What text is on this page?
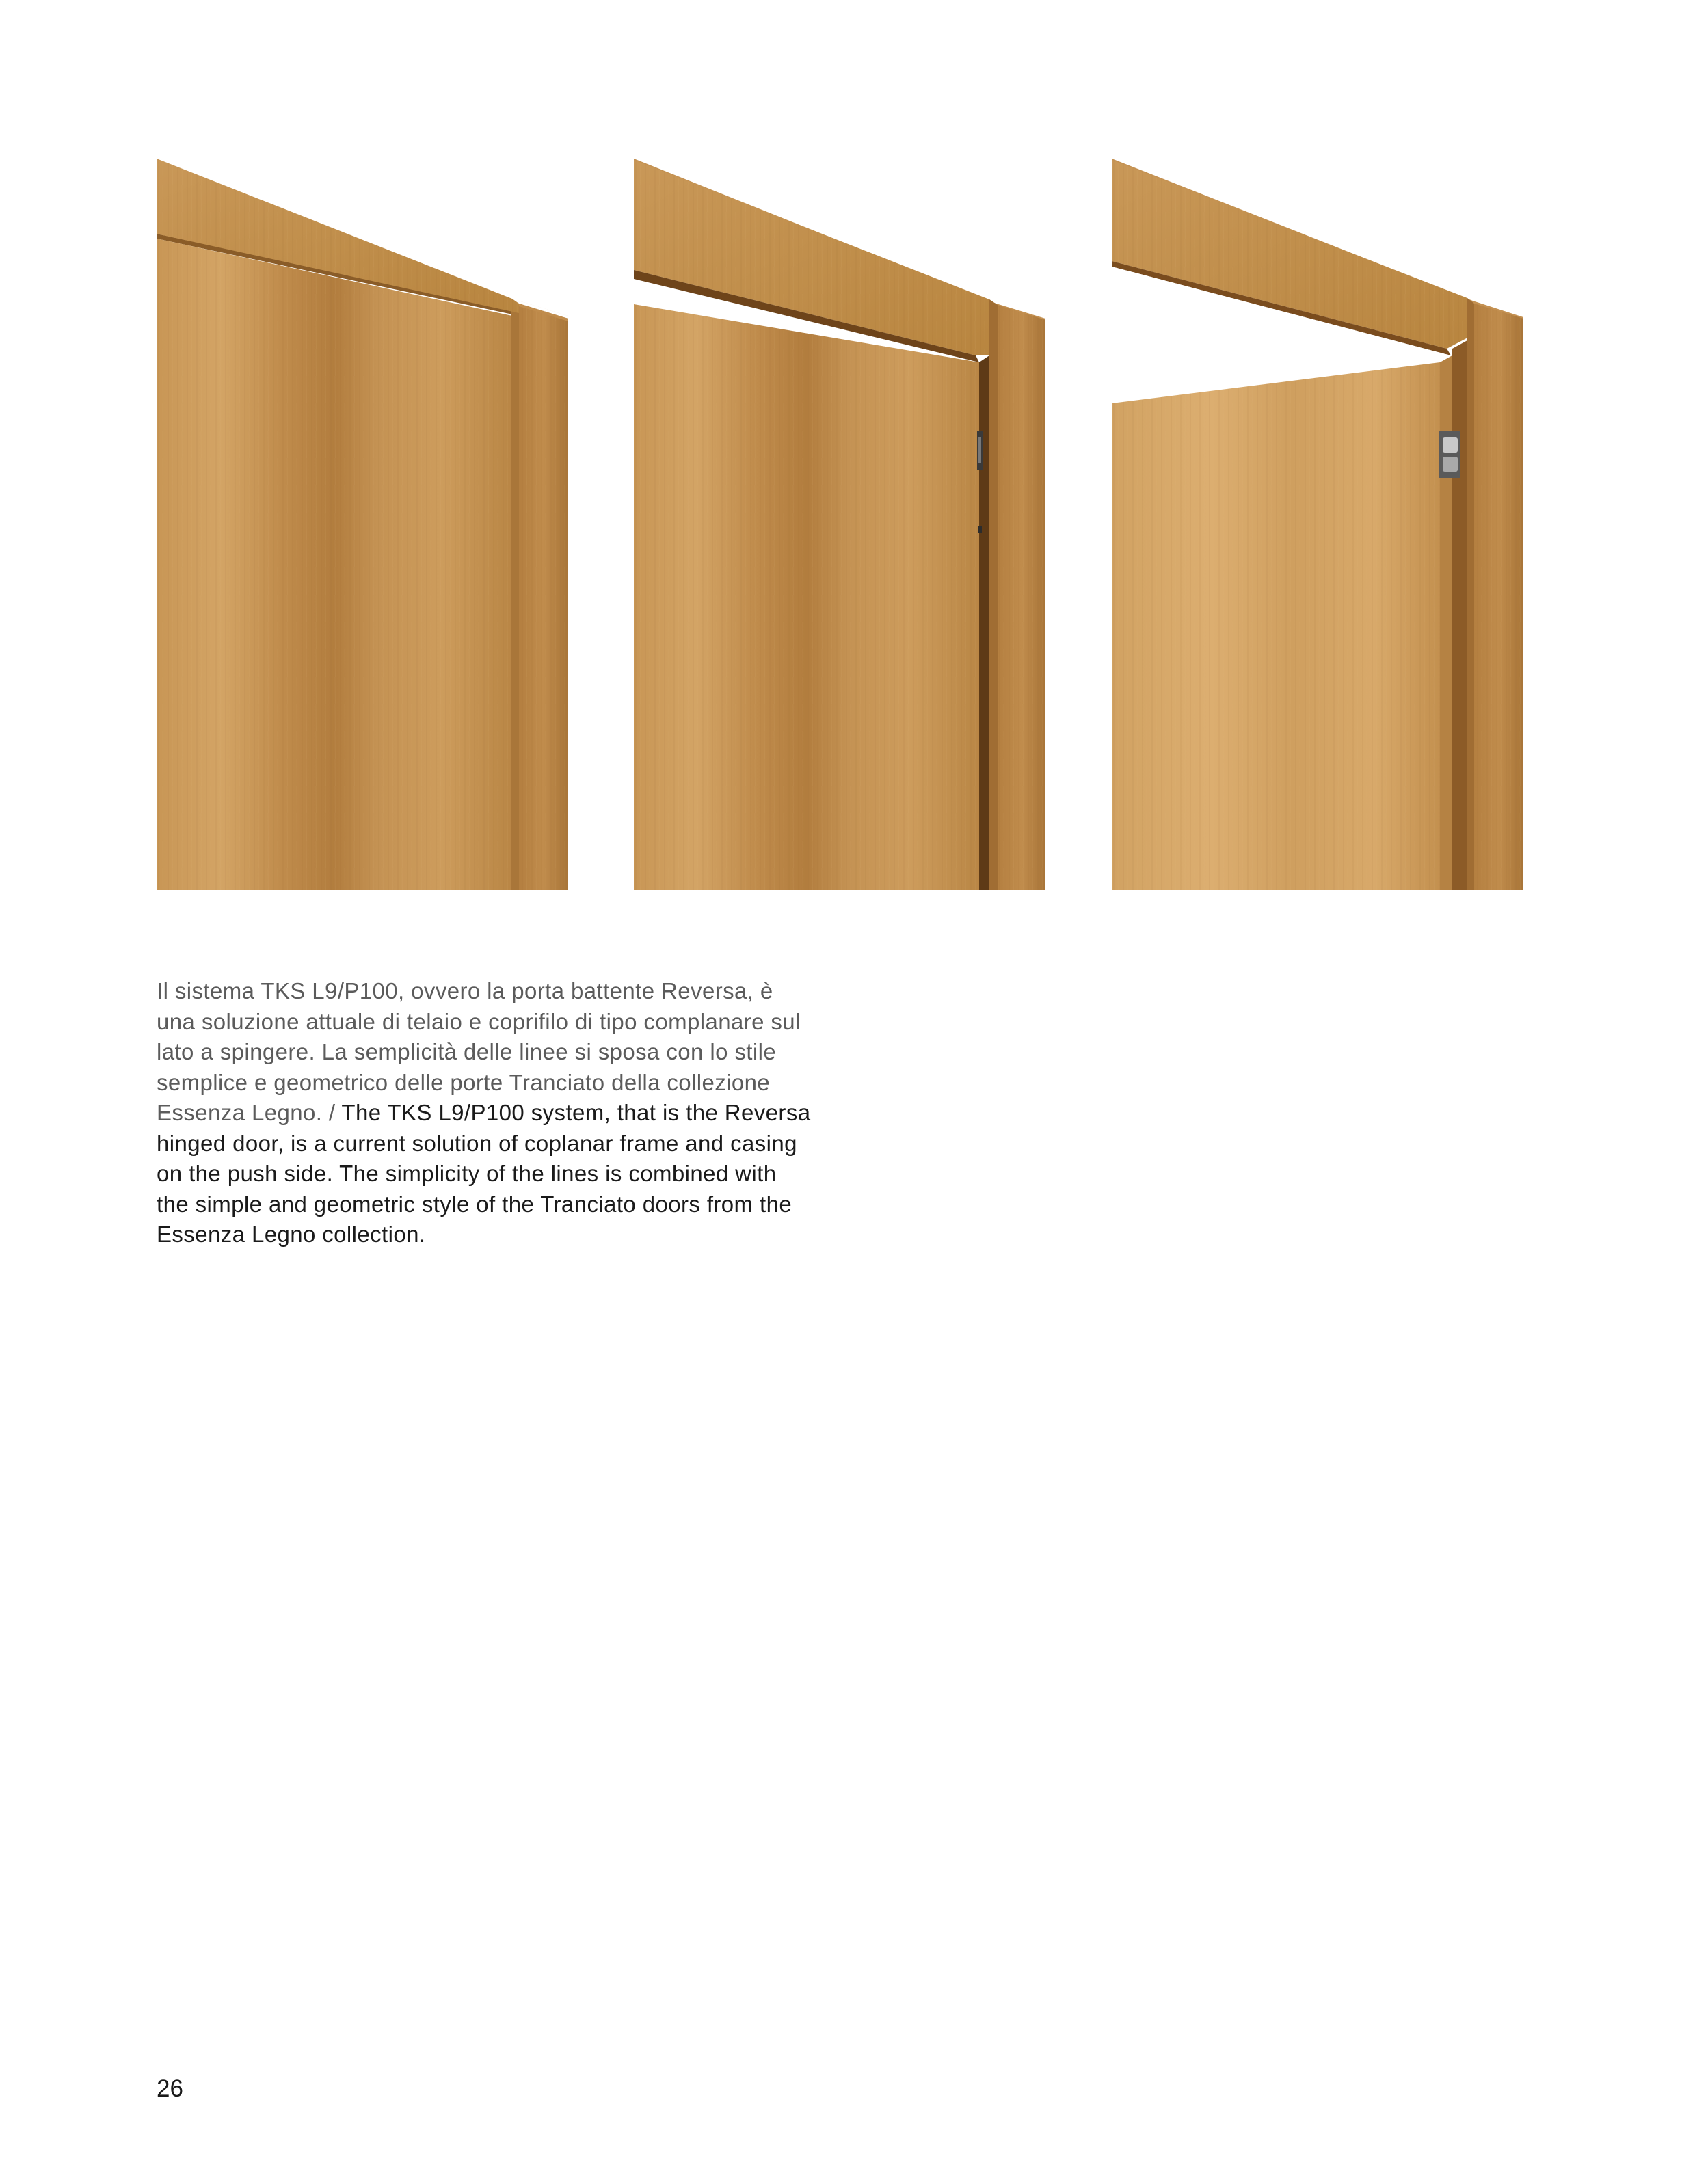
Il sistema TKS L9/P100, ovvero la porta battente Reversa, è una soluzione attuale di telaio e coprifilo di tipo complanare sul lato a spingere. La semplicità delle linee si sposa con lo stile semplice e geometrico delle porte Tranciato della collezione Essenza Legno. / The TKS L9/P100 system, that is the Reversa hinged door, is a current solution of coplanar frame and casing on the push side. The simplicity of the lines is combined with the simple and geometric style of the Tranciato doors from the Essenza Legno collection.

26
